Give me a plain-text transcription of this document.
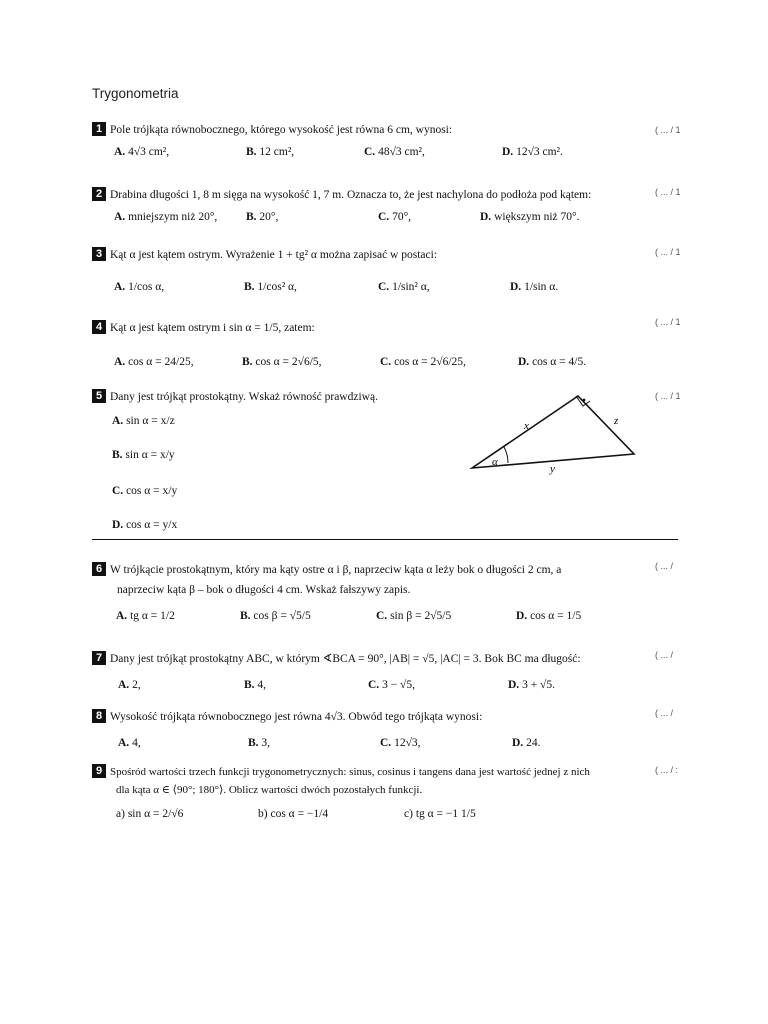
Trygonometria
1 Pole trójkąta równobocznego, którego wysokość jest równa 6 cm, wynosi:
A. 4√3 cm²,	B. 12 cm²,	C. 48√3 cm²,	D. 12√3 cm².
( ... / 1
2 Drabina długości 1, 8 m sięga na wysokość 1, 7 m. Oznacza to, że jest nachylona do podłoża pod kątem:
A. mniejszym niż 20°, B. 20°,	C. 70°,	D. większym niż 70°.
( ... / 1
3 Kąt α jest kątem ostrym. Wyrażenie 1 + tg² α można zapisać w postaci:
A. 1/cos α,	B. 1/cos² α,	C. 1/sin² α,	D. 1/sin α.
( ... / 1
4 Kąt α jest kątem ostrym i sin α = 1/5, zatem:
A. cos α = 24/25,	B. cos α = 2√6/5,	C. cos α = 2√6/25,	D. cos α = 4/5.
( ... / 1
5 Dany jest trójkąt prostokątny. Wskaż równość prawdziwą.
A. sin α = x/z
B. sin α = x/y
C. cos α = x/y
D. cos α = y/x
( ... / 1
α
x	z
y
6 W trójkącie prostokątnym, który ma kąty ostre α i β, naprzeciw kąta α leży bok o długości 2 cm, a
naprzeciw kąta β – bok o długości 4 cm. Wskaż fałszywy zapis.
A. tg α = 1/2	B. cos β = √5/5	C. sin β = 2√5/5	D. cos α = 1/5
( ... /
7 Dany jest trójkąt prostokątny ABC, w którym ∢BCA = 90°, |AB| = √5, |AC| = 3. Bok BC ma długość:
A. 2,	B. 4,	C. 3 − √5,	D. 3 + √5.
( ... /
8 Wysokość trójkąta równobocznego jest równa 4√3. Obwód tego trójkąta wynosi:
A. 4,	B. 3,	C. 12√3,	D. 24.
( ... /
9 Spośród wartości trzech funkcji trygonometrycznych: sinus, cosinus i tangens dana jest wartość jednej z nich
dla kąta α ∈ ⟨90°; 180°⟩. Oblicz wartości dwóch pozostałych funkcji.
a) sin α = 2/√6	b) cos α = −1/4	c) tg α = −1 1/5
( ... / :
